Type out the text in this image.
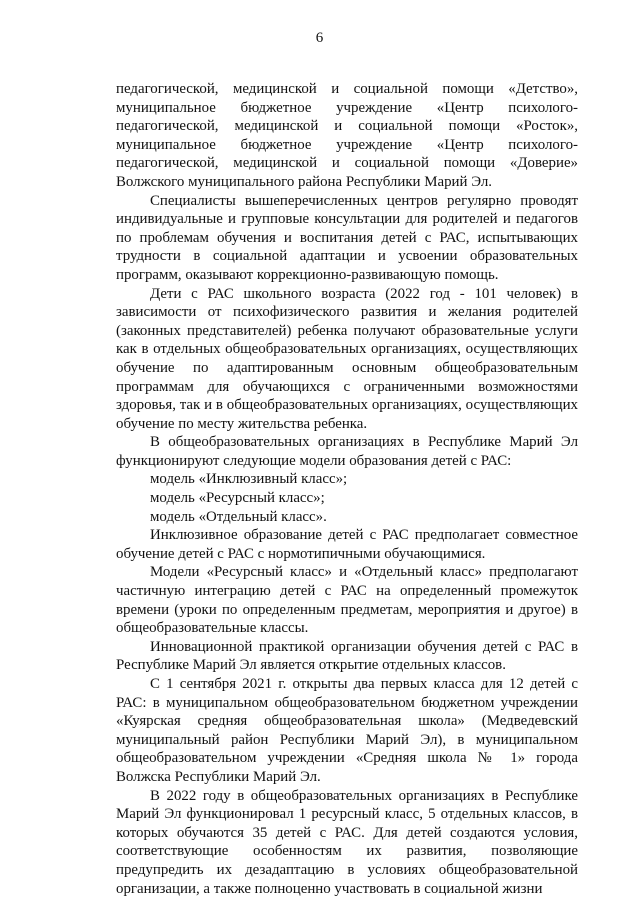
6

педагогической, медицинской и социальной помощи «Детство», муниципальное бюджетное учреждение «Центр психолого-педагогической, медицинской и социальной помощи «Росток», муниципальное бюджетное учреждение «Центр психолого-педагогической, медицинской и социальной помощи «Доверие» Волжского муниципального района Республики Марий Эл.

Специалисты вышеперечисленных центров регулярно проводят индивидуальные и групповые консультации для родителей и педагогов по проблемам обучения и воспитания детей с РАС, испытывающих трудности в социальной адаптации и усвоении образовательных программ, оказывают коррекционно-развивающую помощь.

Дети с РАС школьного возраста (2022 год - 101 человек) в зависимости от психофизического развития и желания родителей (законных представителей) ребенка получают образовательные услуги как в отдельных общеобразовательных организациях, осуществляющих обучение по адаптированным основным общеобразовательным программам для обучающихся с ограниченными возможностями здоровья, так и в общеобразовательных организациях, осуществляющих обучение по месту жительства ребенка.

В общеобразовательных организациях в Республике Марий Эл функционируют следующие модели образования детей с РАС:

модель «Инклюзивный класс»;

модель «Ресурсный класс»;

модель «Отдельный класс».

Инклюзивное образование детей с РАС предполагает совместное обучение детей с РАС с нормотипичными обучающимися.

Модели «Ресурсный класс» и «Отдельный класс» предполагают частичную интеграцию детей с РАС на определенный промежуток времени (уроки по определенным предметам, мероприятия и другое) в общеобразовательные классы.

Инновационной практикой организации обучения детей с РАС в Республике Марий Эл является открытие отдельных классов.

С 1 сентября 2021 г. открыты два первых класса для 12 детей с РАС: в муниципальном общеобразовательном бюджетном учреждении «Куярская средняя общеобразовательная школа» (Медведевский муниципальный район Республики Марий Эл), в муниципальном общеобразовательном учреждении «Средняя школа № 1» города Волжска Республики Марий Эл.

В 2022 году в общеобразовательных организациях в Республике Марий Эл функционировал 1 ресурсный класс, 5 отдельных классов, в которых обучаются 35 детей с РАС. Для детей создаются условия, соответствующие особенностям их развития, позволяющие предупредить их дезадаптацию в условиях общеобразовательной организации, а также полноценно участвовать в социальной жизни
